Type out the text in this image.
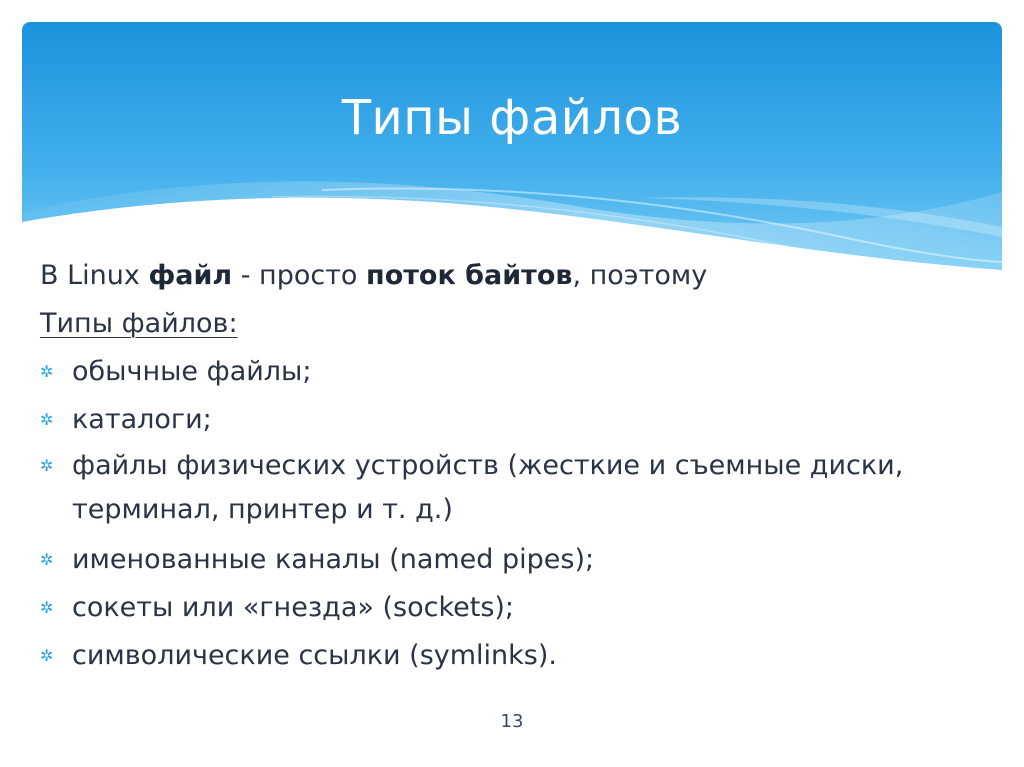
Типы файлов

В Linux файл - просто поток байтов, поэтому

Типы файлов:

✲ обычные файлы;
✲ каталоги;
✲ файлы физических устройств (жесткие и съемные диски, терминал, принтер и т. д.)
✲ именованные каналы (named pipes);
✲ сокеты или «гнезда» (sockets);
✲ символические ссылки (symlinks).
13
